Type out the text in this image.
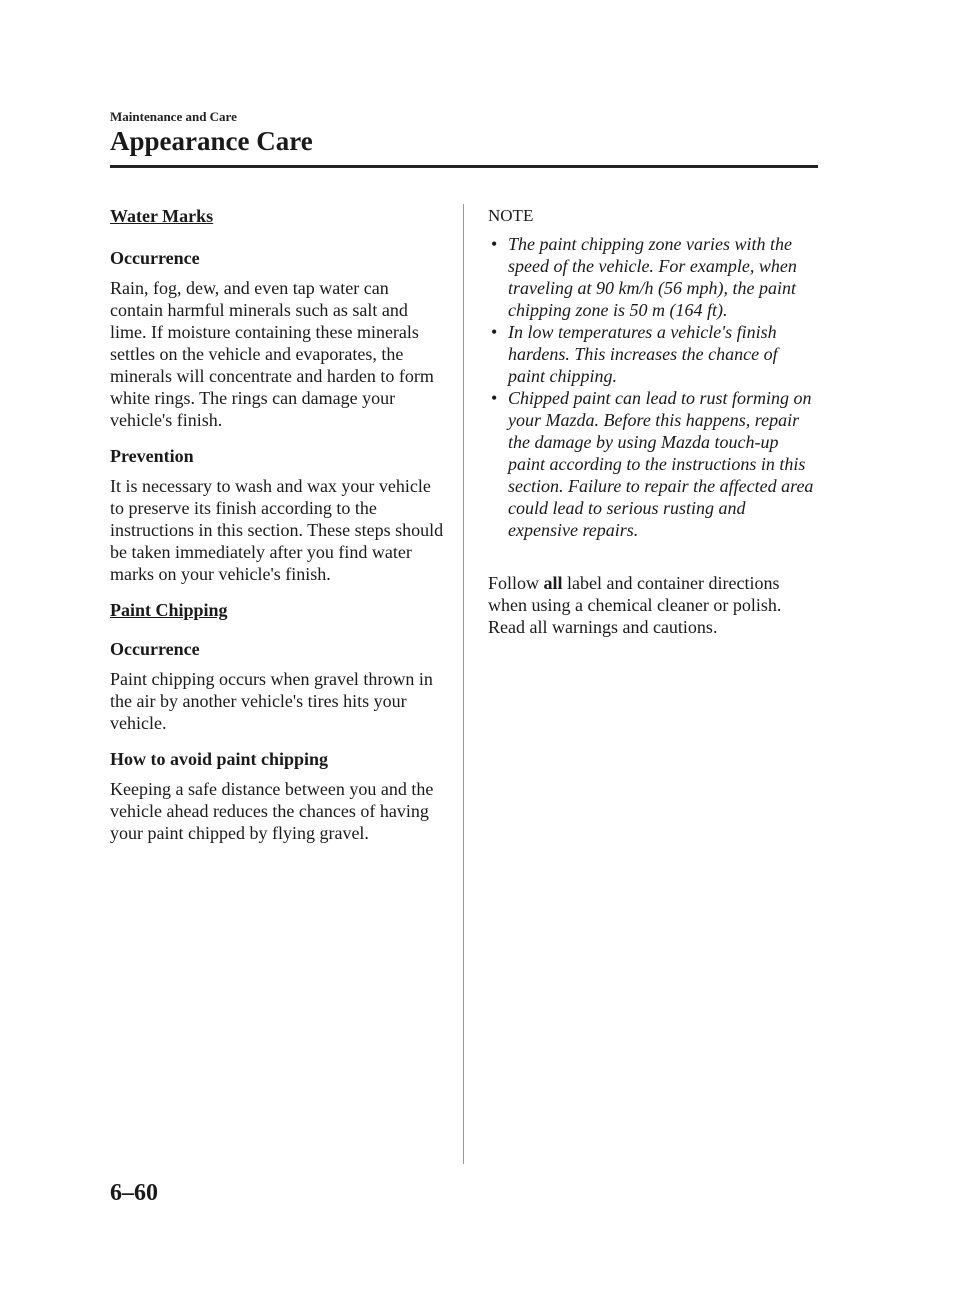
Maintenance and Care
Appearance Care
Water Marks
Occurrence
Rain, fog, dew, and even tap water can contain harmful minerals such as salt and lime. If moisture containing these minerals settles on the vehicle and evaporates, the minerals will concentrate and harden to form white rings. The rings can damage your vehicle's finish.
Prevention
It is necessary to wash and wax your vehicle to preserve its finish according to the instructions in this section. These steps should be taken immediately after you find water marks on your vehicle's finish.
Paint Chipping
Occurrence
Paint chipping occurs when gravel thrown in the air by another vehicle's tires hits your vehicle.
How to avoid paint chipping
Keeping a safe distance between you and the vehicle ahead reduces the chances of having your paint chipped by flying gravel.
NOTE
• The paint chipping zone varies with the speed of the vehicle. For example, when traveling at 90 km/h (56 mph), the paint chipping zone is 50 m (164 ft).
• In low temperatures a vehicle's finish hardens. This increases the chance of paint chipping.
• Chipped paint can lead to rust forming on your Mazda. Before this happens, repair the damage by using Mazda touch-up paint according to the instructions in this section. Failure to repair the affected area could lead to serious rusting and expensive repairs.
Follow all label and container directions when using a chemical cleaner or polish. Read all warnings and cautions.
6–60
